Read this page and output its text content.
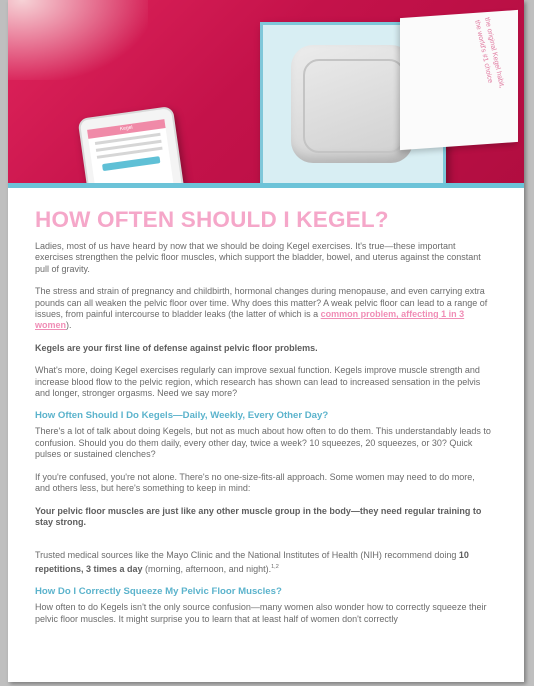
Kegel
the original Kegel habit, the world's #1 choice
HOW OFTEN SHOULD I KEGEL?

Ladies, most of us have heard by now that we should be doing Kegel exercises. It's true—these important exercises strengthen the pelvic floor muscles, which support the bladder, bowel, and uterus against the constant pull of gravity.

The stress and strain of pregnancy and childbirth, hormonal changes during menopause, and even carrying extra pounds can all weaken the pelvic floor over time. Why does this matter? A weak pelvic floor can lead to a range of issues, from painful intercourse to bladder leaks (the latter of which is a common problem, affecting 1 in 3 women).

Kegels are your first line of defense against pelvic floor problems.

What's more, doing Kegel exercises regularly can improve sexual function. Kegels improve muscle strength and increase blood flow to the pelvic region, which research has shown can lead to increased sensation in the pelvis and longer, stronger orgasms. Need we say more?

How Often Should I Do Kegels—Daily, Weekly, Every Other Day?

There's a lot of talk about doing Kegels, but not as much about how often to do them. This understandably leads to confusion. Should you do them daily, every other day, twice a week? 10 squeezes, 20 squeezes, or 30? Quick pulses or sustained clenches?

If you're confused, you're not alone. There's no one-size-fits-all approach. Some women may need to do more, and others less, but here's something to keep in mind:

Your pelvic floor muscles are just like any other muscle group in the body—they need regular training to stay strong.

Trusted medical sources like the Mayo Clinic and the National Institutes of Health (NIH) recommend doing 10 repetitions, 3 times a day (morning, afternoon, and night).$^{1,2}$

How Do I Correctly Squeeze My Pelvic Floor Muscles?

How often to do Kegels isn't the only source confusion—many women also wonder how to correctly squeeze their pelvic floor muscles. It might surprise you to learn that at least half of women don't correctly
